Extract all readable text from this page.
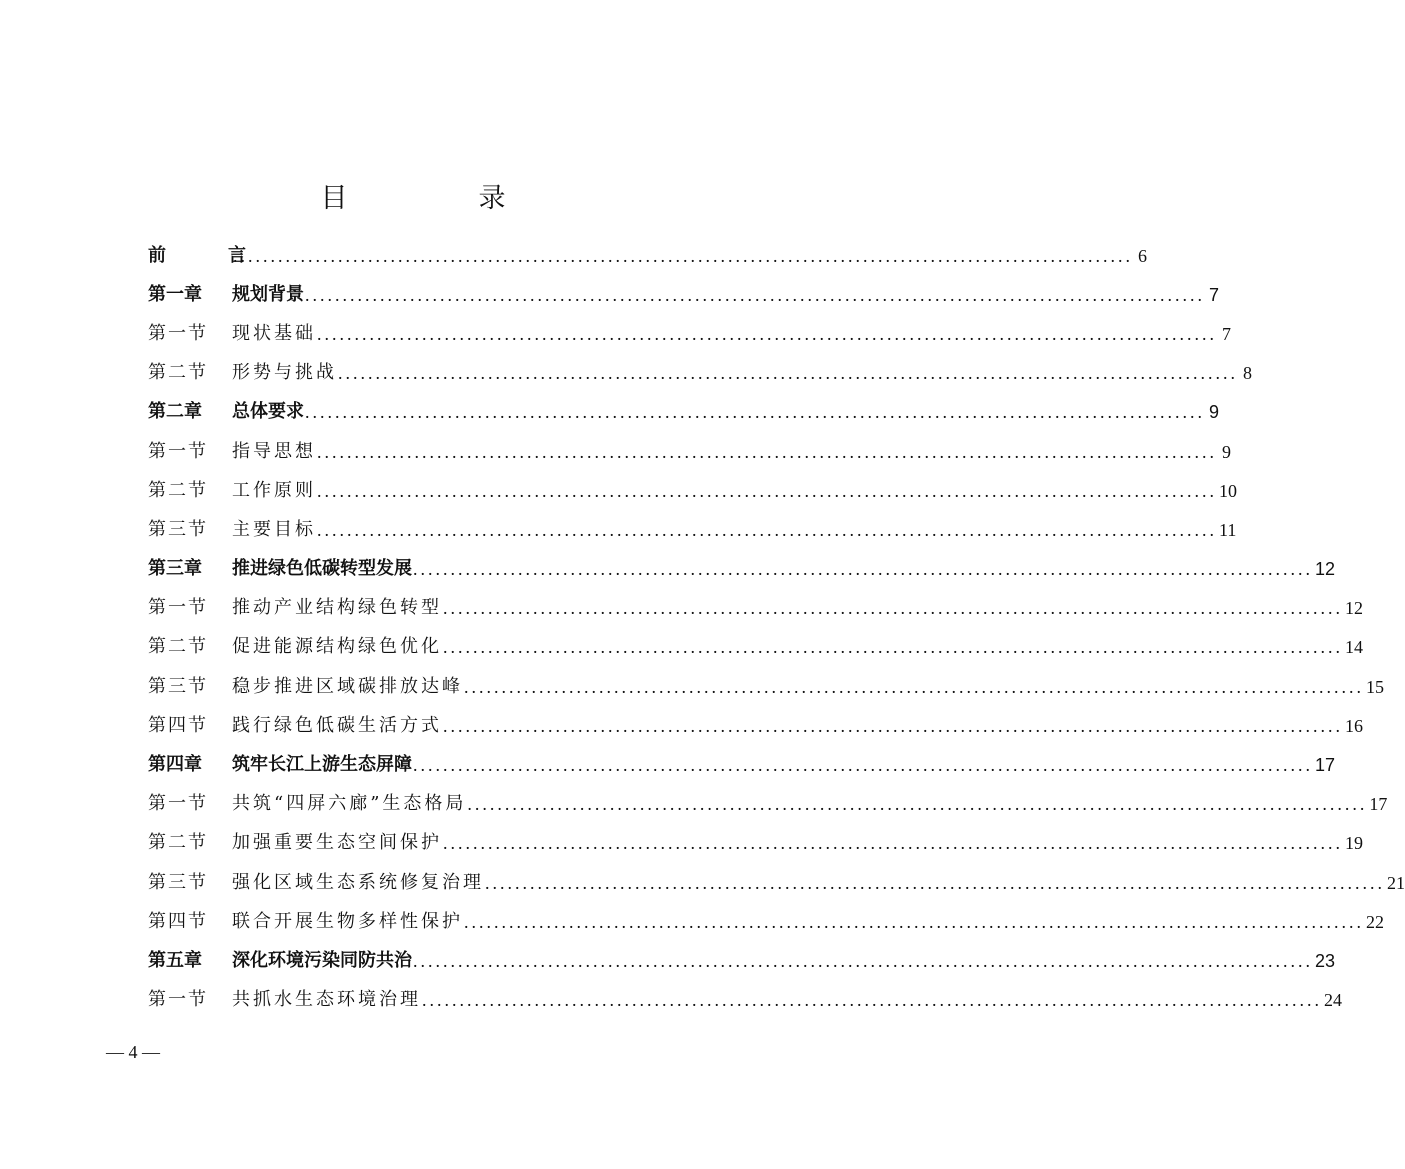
目　录
前　言
........................................................................................................................ 6
第一章 规划背景 ........................................................................................................................ 7
第一节 现状基础 ........................................................................................................................ 7
第二节 形势与挑战 ........................................................................................................................ 8
第二章 总体要求 ........................................................................................................................ 9
第一节 指导思想 ........................................................................................................................ 9
第二节 工作原则 ........................................................................................................................ 10
第三节 主要目标 ........................................................................................................................ 11
第三章 推进绿色低碳转型发展 ........................................................................................................................ 12
第一节 推动产业结构绿色转型 ........................................................................................................................ 12
第二节 促进能源结构绿色优化 ........................................................................................................................ 14
第三节 稳步推进区域碳排放达峰 ........................................................................................................................ 15
第四节 践行绿色低碳生活方式 ........................................................................................................................ 16
第四章 筑牢长江上游生态屏障 ........................................................................................................................ 17
第一节 共筑“四屏六廊”生态格局 ........................................................................................................................ 17
第二节 加强重要生态空间保护 ........................................................................................................................ 19
第三节 强化区域生态系统修复治理 ........................................................................................................................ 21
第四节 联合开展生物多样性保护 ........................................................................................................................ 22
第五章 深化环境污染同防共治 ........................................................................................................................ 23
第一节 共抓水生态环境治理 ........................................................................................................................ 24
— 4 —
